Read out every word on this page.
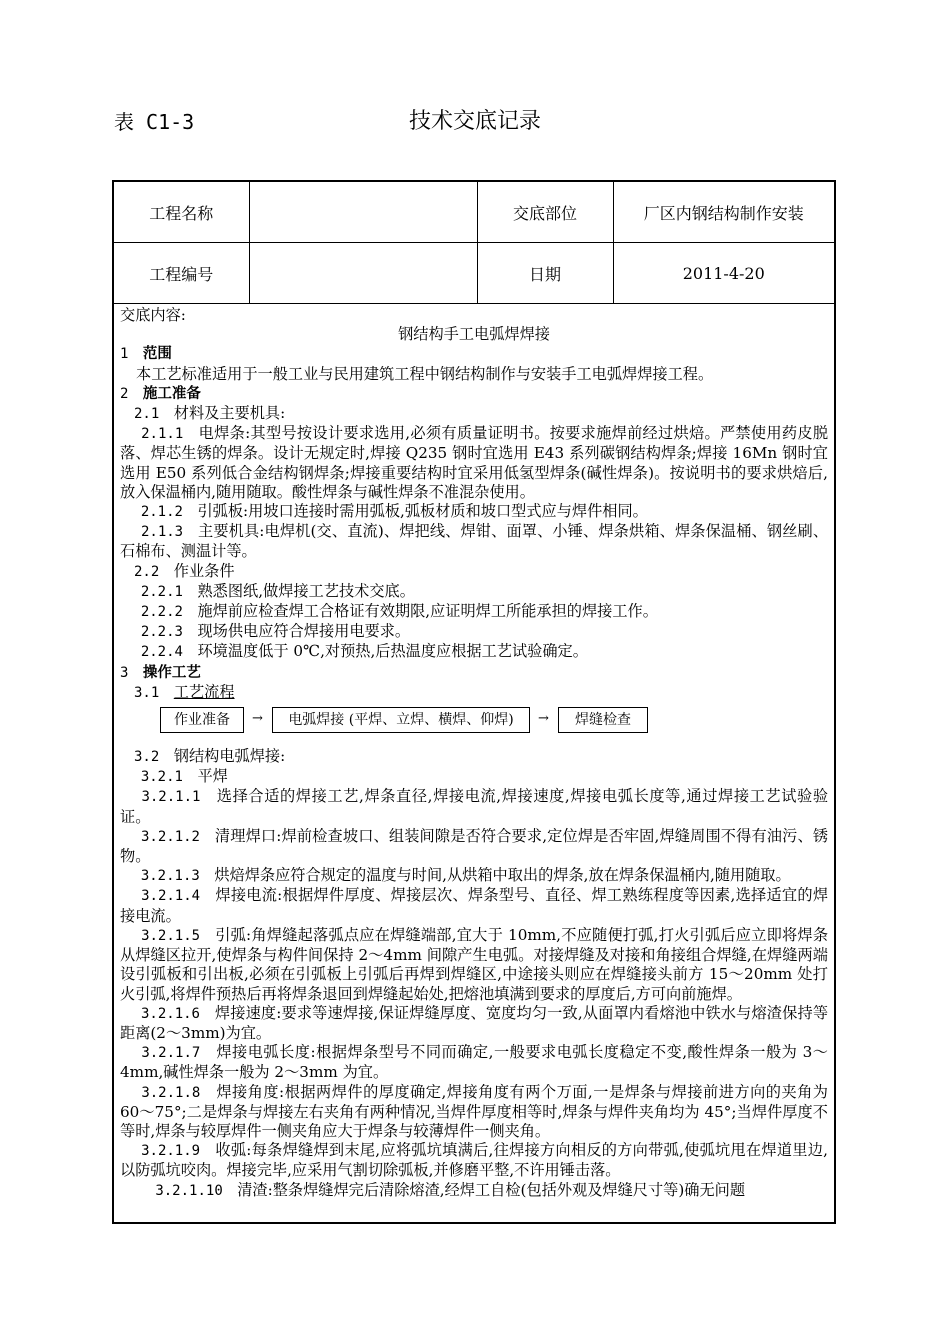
表 C1-3	技术交底记录
工程名称		交底部位	厂区内钢结构制作安装
工程编号		日期	2011-4-20

交底内容:

钢结构手工电弧焊焊接

1 范围

本工艺标准适用于一般工业与民用建筑工程中钢结构制作与安装手工电弧焊焊接工程。

2 施工准备

2.1 材料及主要机具:

2.1.1 电焊条:其型号按设计要求选用,必须有质量证明书。按要求施焊前经过烘焙。严禁使用药皮脱落、焊芯生锈的焊条。设计无规定时,焊接 Q235 钢时宜选用 E43 系列碳钢结构焊条;焊接 16Mn 钢时宜选用 E50 系列低合金结构钢焊条;焊接重要结构时宜采用低氢型焊条(碱性焊条)。按说明书的要求烘焙后,放入保温桶内,随用随取。酸性焊条与碱性焊条不准混杂使用。

2.1.2 引弧板:用坡口连接时需用弧板,弧板材质和坡口型式应与焊件相同。

2.1.3 主要机具:电焊机(交、直流)、焊把线、焊钳、面罩、小锤、焊条烘箱、焊条保温桶、钢丝刷、石棉布、测温计等。

2.2 作业条件

2.2.1 熟悉图纸,做焊接工艺技术交底。

2.2.2 施焊前应检查焊工合格证有效期限,应证明焊工所能承担的焊接工作。

2.2.3 现场供电应符合焊接用电要求。

2.2.4 环境温度低于 0℃,对预热,后热温度应根据工艺试验确定。

3 操作工艺

3.1 工艺流程

作业准备	→	电弧焊接 (平焊、立焊、横焊、仰焊)	→	焊缝检查

3.2 钢结构电弧焊接:

3.2.1 平焊

3.2.1.1 选择合适的焊接工艺,焊条直径,焊接电流,焊接速度,焊接电弧长度等,通过焊接工艺试验验证。

3.2.1.2 清理焊口:焊前检查坡口、组装间隙是否符合要求,定位焊是否牢固,焊缝周围不得有油污、锈物。

3.2.1.3 烘焙焊条应符合规定的温度与时间,从烘箱中取出的焊条,放在焊条保温桶内,随用随取。

3.2.1.4 焊接电流:根据焊件厚度、焊接层次、焊条型号、直径、焊工熟练程度等因素,选择适宜的焊接电流。

3.2.1.5 引弧:角焊缝起落弧点应在焊缝端部,宜大于 10mm,不应随便打弧,打火引弧后应立即将焊条从焊缝区拉开,使焊条与构件间保持 2～4mm 间隙产生电弧。对接焊缝及对接和角接组合焊缝,在焊缝两端设引弧板和引出板,必须在引弧板上引弧后再焊到焊缝区,中途接头则应在焊缝接头前方 15～20mm 处打火引弧,将焊件预热后再将焊条退回到焊缝起始处,把熔池填满到要求的厚度后,方可向前施焊。

3.2.1.6 焊接速度:要求等速焊接,保证焊缝厚度、宽度均匀一致,从面罩内看熔池中铁水与熔渣保持等距离(2～3mm)为宜。

3.2.1.7 焊接电弧长度:根据焊条型号不同而确定,一般要求电弧长度稳定不变,酸性焊条一般为 3～4mm,碱性焊条一般为 2～3mm 为宜。

3.2.1.8 焊接角度:根据两焊件的厚度确定,焊接角度有两个万面,一是焊条与焊接前进方向的夹角为 60～75°;二是焊条与焊接左右夹角有两种情况,当焊件厚度相等时,焊条与焊件夹角均为 45°;当焊件厚度不等时,焊条与较厚焊件一侧夹角应大于焊条与较薄焊件一侧夹角。

3.2.1.9 收弧:每条焊缝焊到末尾,应将弧坑填满后,往焊接方向相反的方向带弧,使弧坑甩在焊道里边,以防弧坑咬肉。焊接完毕,应采用气割切除弧板,并修磨平整,不许用锤击落。

3.2.1.10 清渣:整条焊缝焊完后清除熔渣,经焊工自检(包括外观及焊缝尺寸等)确无问题
